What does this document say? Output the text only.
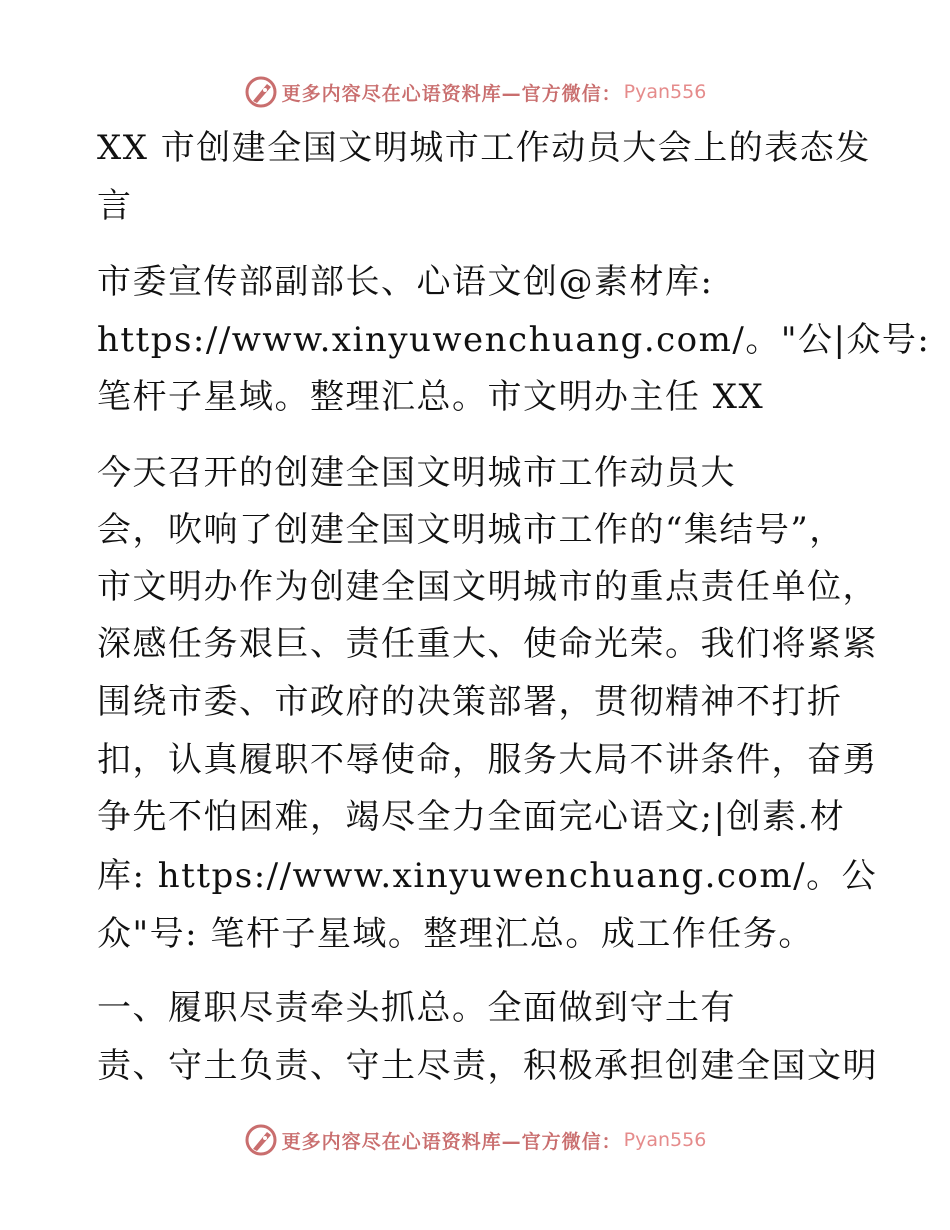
更多内容尽在心语资料库—官方微信： Pyan556
XX 市创建全国文明城市工作动员大会上的表态发
言
市委宣传部副部长、心语文创@素材库:
https://www.xinyuwenchuang.com/。"公|众号:
笔杆子星域。整理汇总。市文明办主任 XX
今天召开的创建全国文明城市工作动员大
会，吹响了创建全国文明城市工作的“集结号”，
市文明办作为创建全国文明城市的重点责任单位，
深感任务艰巨、责任重大、使命光荣。我们将紧紧
围绕市委、市政府的决策部署，贯彻精神不打折
扣，认真履职不辱使命，服务大局不讲条件，奋勇
争先不怕困难，竭尽全力全面完心语文;|创素.材
库: https://www.xinyuwenchuang.com/。公
众"号: 笔杆子星域。整理汇总。成工作任务。
一、履职尽责牵头抓总。全面做到守土有
责、守土负责、守土尽责，积极承担创建全国文明
更多内容尽在心语资料库—官方微信： Pyan556
